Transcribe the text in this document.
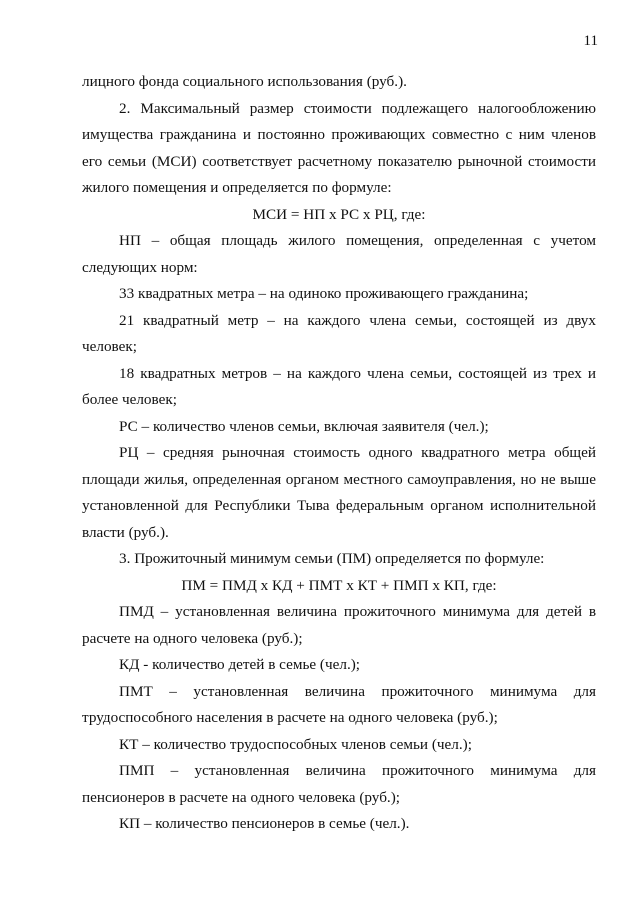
11

лицного фонда социального использования (руб.).

2. Максимальный размер стоимости подлежащего налогообложению имущества гражданина и постоянно проживающих совместно с ним членов его семьи (МСИ) соответствует расчетному показателю рыночной стоимости жилого помещения и определяется по формуле:

МСИ = НП х РС х РЦ, где:

НП – общая площадь жилого помещения, определенная с учетом следующих норм:

33 квадратных метра – на одиноко проживающего гражданина;

21 квадратный метр – на каждого члена семьи, состоящей из двух человек;

18 квадратных метров – на каждого члена семьи, состоящей из трех и более человек;

РС – количество членов семьи, включая заявителя (чел.);

РЦ – средняя рыночная стоимость одного квадратного метра общей площади жилья, определенная органом местного самоуправления, но не выше установленной для Республики Тыва федеральным органом исполнительной власти (руб.).

3. Прожиточный минимум семьи (ПМ) определяется по формуле:

ПМ = ПМД х КД + ПМТ х КТ + ПМП х КП, где:

ПМД – установленная величина прожиточного минимума для детей в расчете на одного человека (руб.);

КД - количество детей в семье (чел.);

ПМТ – установленная величина прожиточного минимума для трудоспособного населения в расчете на одного человека (руб.);

КТ – количество трудоспособных членов семьи (чел.);

ПМП – установленная величина прожиточного минимума для пенсионеров в расчете на одного человека (руб.);

КП – количество пенсионеров в семье (чел.).
